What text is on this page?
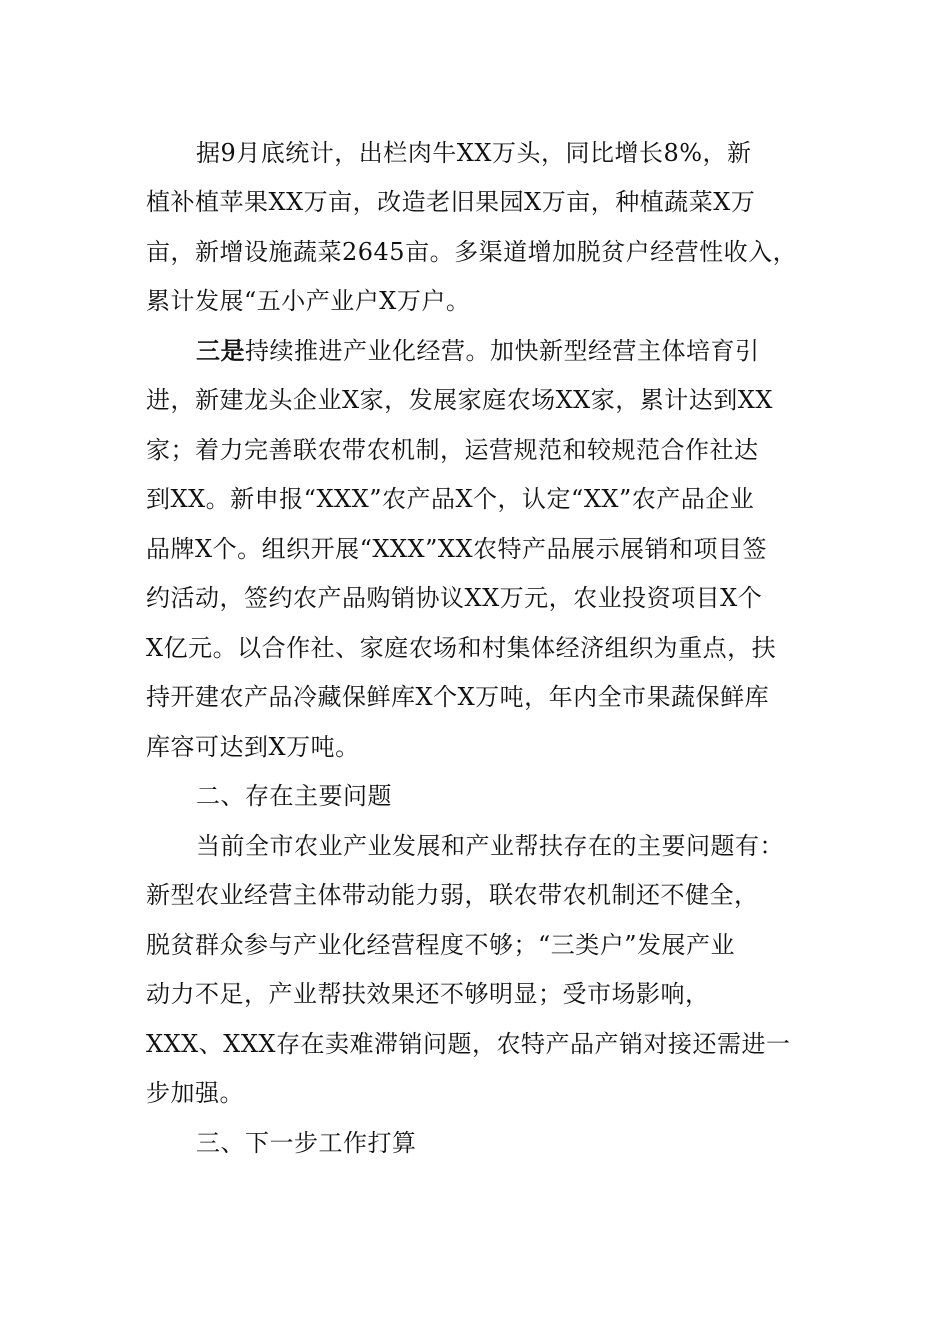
据9月底统计，出栏肉牛XX万头，同比增长8%，新
植补植苹果XX万亩，改造老旧果园X万亩，种植蔬菜X万
亩，新增设施蔬菜2645亩。多渠道增加脱贫户经营性收入，
累计发展“五小产业户X万户。
三是持续推进产业化经营。加快新型经营主体培育引
进，新建龙头企业X家，发展家庭农场XX家，累计达到XX
家；着力完善联农带农机制，运营规范和较规范合作社达
到XX。新申报“XXX”农产品X个，认定“XX”农产品企业
品牌X个。组织开展“XXX”XX农特产品展示展销和项目签
约活动，签约农产品购销协议XX万元，农业投资项目X个
X亿元。以合作社、家庭农场和村集体经济组织为重点，扶
持开建农产品冷藏保鲜库X个X万吨，年内全市果蔬保鲜库
库容可达到X万吨。
二、存在主要问题
当前全市农业产业发展和产业帮扶存在的主要问题有：
新型农业经营主体带动能力弱，联农带农机制还不健全，
脱贫群众参与产业化经营程度不够；“三类户”发展产业
动力不足，产业帮扶效果还不够明显；受市场影响，
XXX、XXX存在卖难滞销问题，农特产品产销对接还需进一
步加强。
三、下一步工作打算
